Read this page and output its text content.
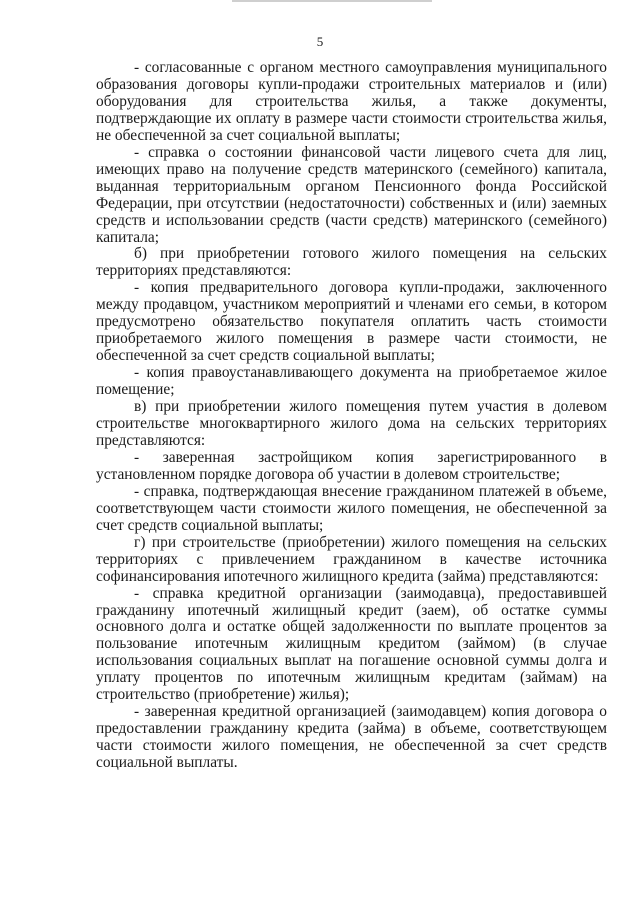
5

- согласованные с органом местного самоуправления муниципального образования договоры купли-продажи строительных материалов и (или) оборудования для строительства жилья, а также документы, подтверждающие их оплату в размере части стоимости строительства жилья, не обеспеченной за счет социальной выплаты;

- справка о состоянии финансовой части лицевого счета для лиц, имеющих право на получение средств материнского (семейного) капитала, выданная территориальным органом Пенсионного фонда Российской Федерации, при отсутствии (недостаточности) собственных и (или) заемных средств и использовании средств (части средств) материнского (семейного) капитала;

б) при приобретении готового жилого помещения на сельских территориях представляются:

- копия предварительного договора купли-продажи, заключенного между продавцом, участником мероприятий и членами его семьи, в котором предусмотрено обязательство покупателя оплатить часть стоимости приобретаемого жилого помещения в размере части стоимости, не обеспеченной за счет средств социальной выплаты;

- копия правоустанавливающего документа на приобретаемое жилое помещение;

в) при приобретении жилого помещения путем участия в долевом строительстве многоквартирного жилого дома на сельских территориях представляются:

- заверенная застройщиком копия зарегистрированного в установленном порядке договора об участии в долевом строительстве;

- справка, подтверждающая внесение гражданином платежей в объеме, соответствующем части стоимости жилого помещения, не обеспеченной за счет средств социальной выплаты;

г) при строительстве (приобретении) жилого помещения на сельских территориях с привлечением гражданином в качестве источника софинансирования ипотечного жилищного кредита (займа) представляются:

- справка кредитной организации (заимодавца), предоставившей гражданину ипотечный жилищный кредит (заем), об остатке суммы основного долга и остатке общей задолженности по выплате процентов за пользование ипотечным жилищным кредитом (займом) (в случае использования социальных выплат на погашение основной суммы долга и уплату процентов по ипотечным жилищным кредитам (займам) на строительство (приобретение) жилья);

- заверенная кредитной организацией (заимодавцем) копия договора о предоставлении гражданину кредита (займа) в объеме, соответствующем части стоимости жилого помещения, не обеспеченной за счет средств социальной выплаты.
